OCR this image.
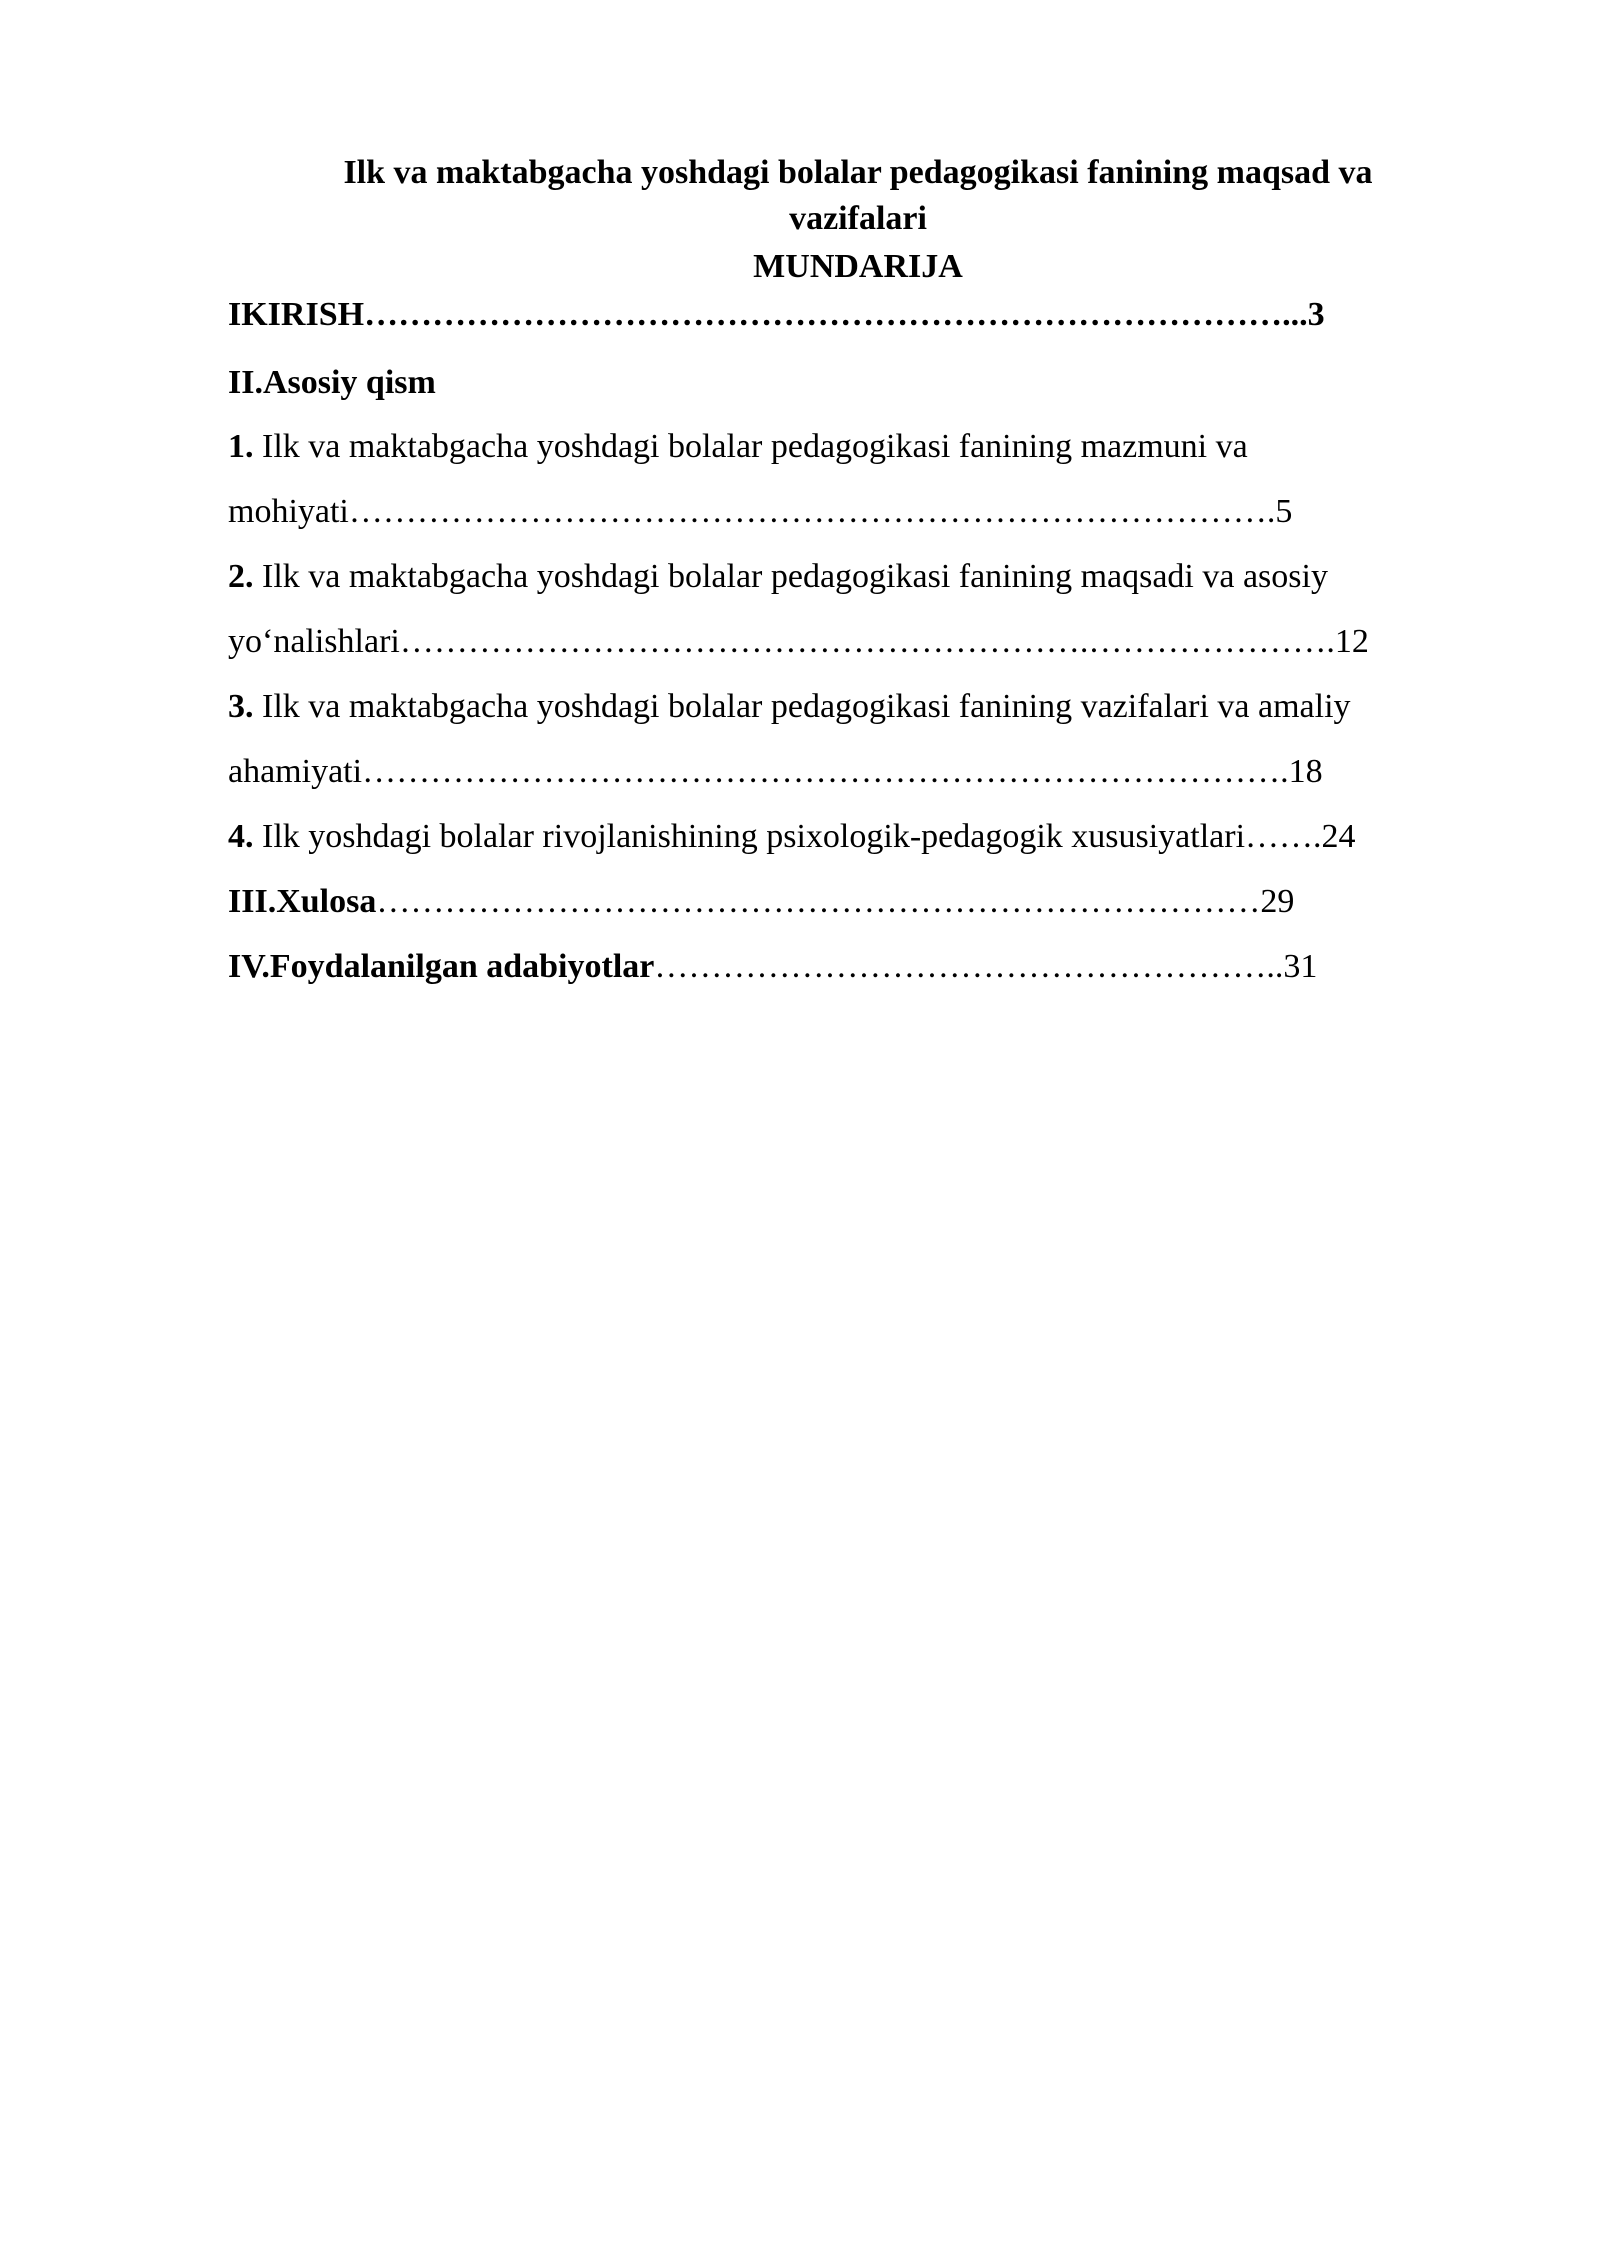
Ilk va maktabgacha yoshdagi bolalar pedagogikasi fanining maqsad va

vazifalari

MUNDARIJA

IKIRISH………………………………………………………………………...3

II.Asosiy qism

1. Ilk va maktabgacha yoshdagi bolalar pedagogikasi fanining mazmuni va

mohiyati……………………………………………………………………….5

2. Ilk va maktabgacha yoshdagi bolalar pedagogikasi fanining maqsadi va asosiy

yo‘nalishlari…………………………………………………….………………….12

3. Ilk va maktabgacha yoshdagi bolalar pedagogikasi fanining vazifalari va amaliy

ahamiyati……………………………………………………………………….18

4. Ilk yoshdagi bolalar rivojlanishining psixologik-pedagogik xususiyatlari…….24

III.Xulosa……………………………………………………………………29

IV.Foydalanilgan adabiyotlar………………………………………………..31
